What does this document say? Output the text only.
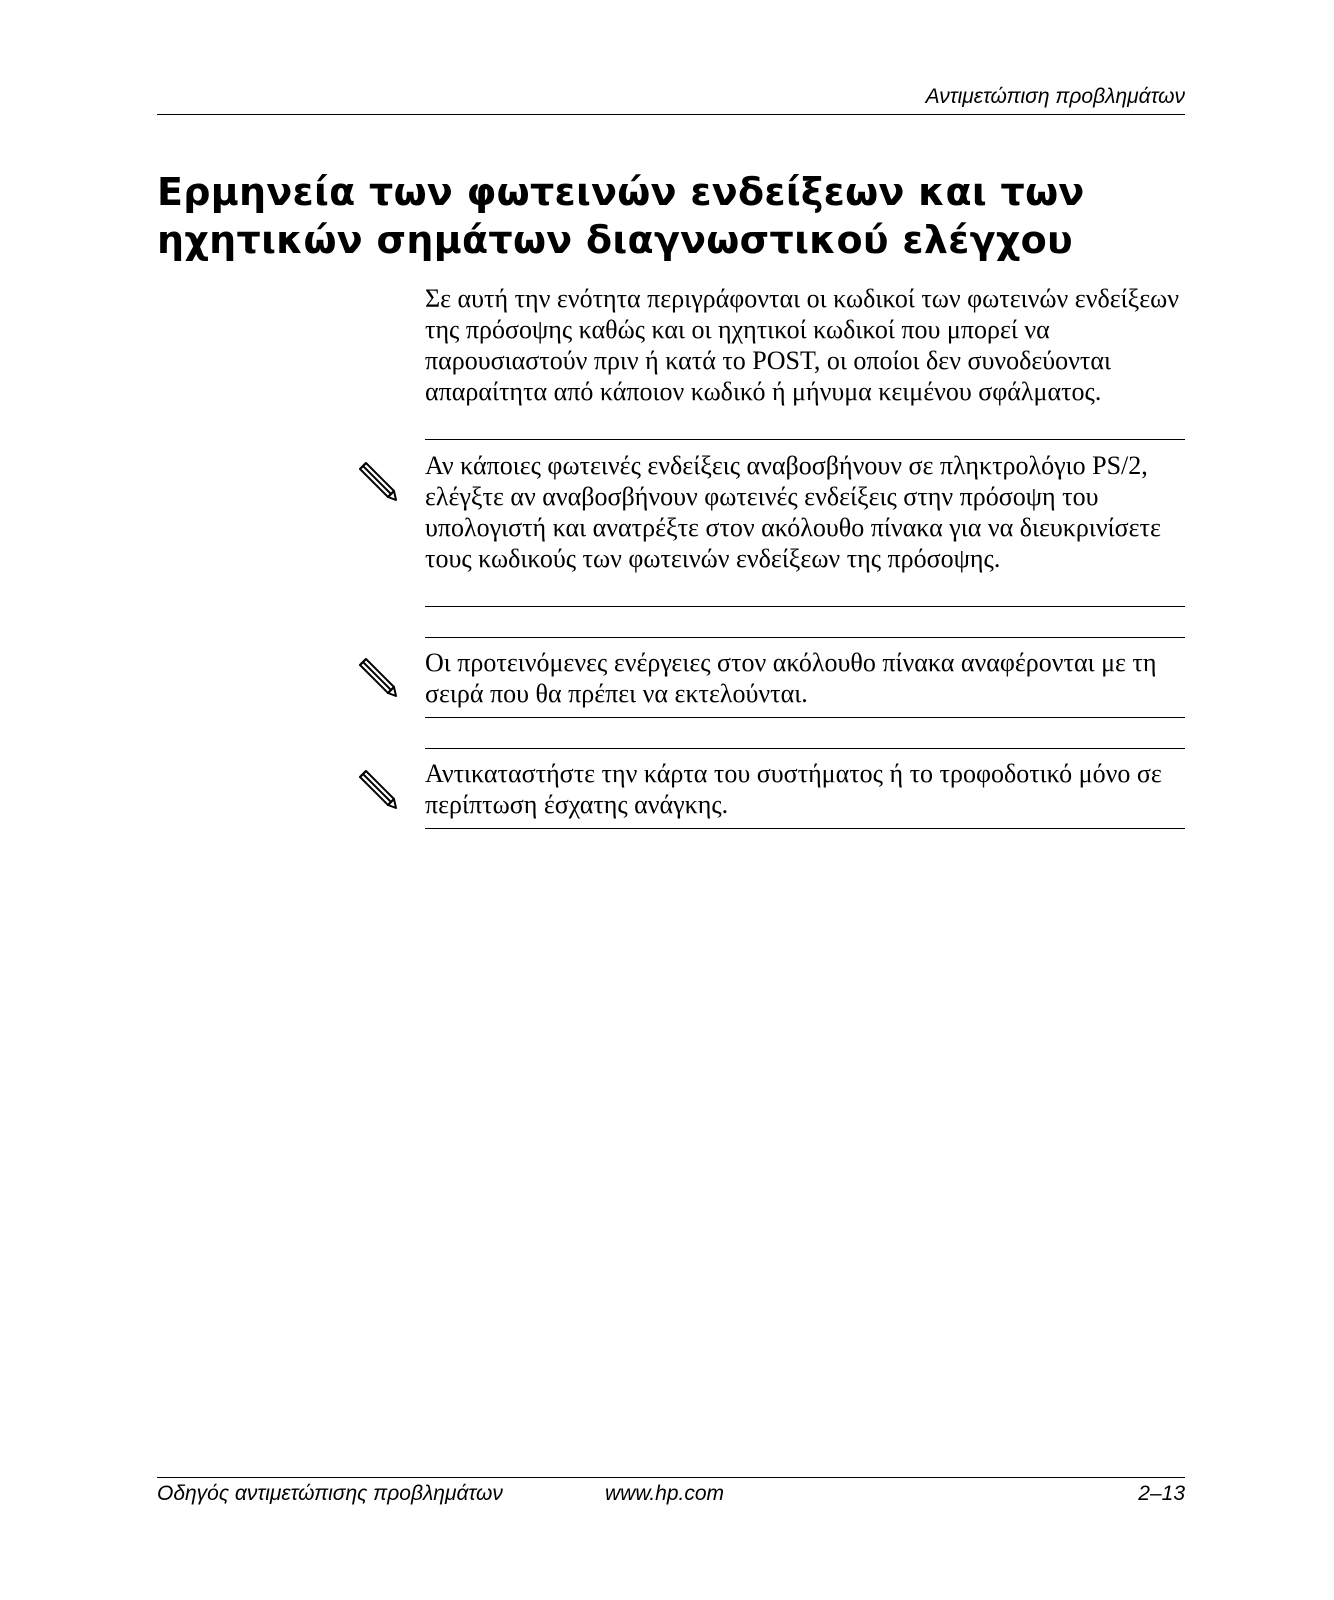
Αντιμετώπιση προβλημάτων
Ερμηνεία των φωτεινών ενδείξεων και των ηχητικών σημάτων διαγνωστικού ελέγχου

Σε αυτή την ενότητα περιγράφονται οι κωδικοί των φωτεινών ενδείξεων της πρόσοψης καθώς και οι ηχητικοί κωδικοί που μπορεί να παρουσιαστούν πριν ή κατά το POST, οι οποίοι δεν συνοδεύονται απαραίτητα από κάποιον κωδικό ή μήνυμα κειμένου σφάλματος.

Αν κάποιες φωτεινές ενδείξεις αναβοσβήνουν σε πληκτρολόγιο PS/2, ελέγξτε αν αναβοσβήνουν φωτεινές ενδείξεις στην πρόσοψη του υπολογιστή και ανατρέξτε στον ακόλουθο πίνακα για να διευκρινίσετε τους κωδικούς των φωτεινών ενδείξεων της πρόσοψης.

Οι προτεινόμενες ενέργειες στον ακόλουθο πίνακα αναφέρονται με τη σειρά που θα πρέπει να εκτελούνται.

Αντικαταστήστε την κάρτα του συστήματος ή το τροφοδοτικό μόνο σε περίπτωση έσχατης ανάγκης.

Οδηγός αντιμετώπισης προβλημάτων	www.hp.com	2–13
